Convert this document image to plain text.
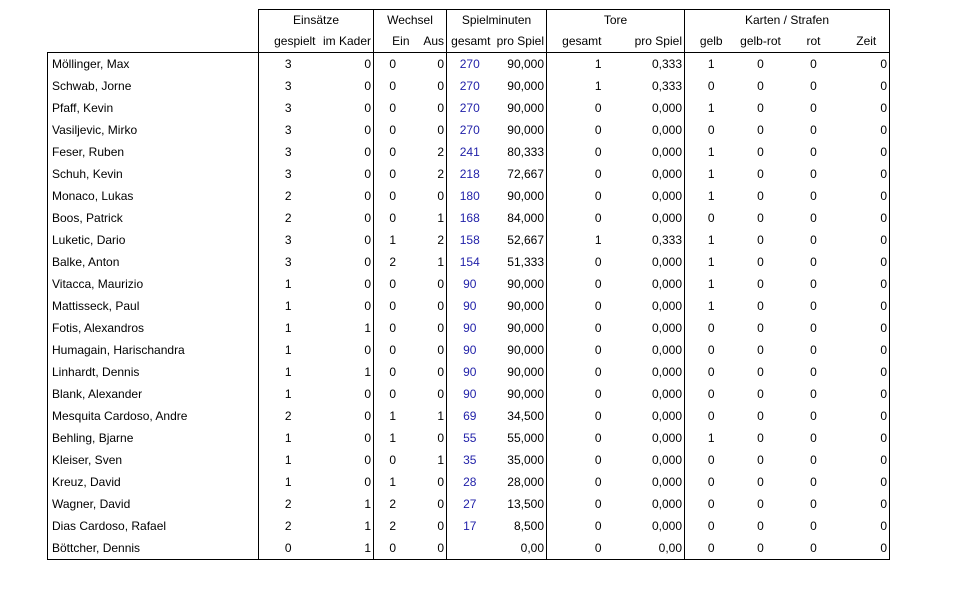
	Einsätze		Wechsel		Spielminuten		Tore		Karten / Strafen			
	gespielt	im Kader	Ein	Aus	gesamt	pro Spiel	gesamt	pro Spiel	gelb	gelb-rot	rot	Zeit
Möllinger, Max	3	0	0	0	270	90,000	1	0,333	1	0	0	0
Schwab, Jorne	3	0	0	0	270	90,000	1	0,333	0	0	0	0
Pfaff, Kevin	3	0	0	0	270	90,000	0	0,000	1	0	0	0
Vasiljevic, Mirko	3	0	0	0	270	90,000	0	0,000	0	0	0	0
Feser, Ruben	3	0	0	2	241	80,333	0	0,000	1	0	0	0
Schuh, Kevin	3	0	0	2	218	72,667	0	0,000	1	0	0	0
Monaco, Lukas	2	0	0	0	180	90,000	0	0,000	1	0	0	0
Boos, Patrick	2	0	0	1	168	84,000	0	0,000	0	0	0	0
Luketic, Dario	3	0	1	2	158	52,667	1	0,333	1	0	0	0
Balke, Anton	3	0	2	1	154	51,333	0	0,000	1	0	0	0
Vitacca, Maurizio	1	0	0	0	90	90,000	0	0,000	1	0	0	0
Mattisseck, Paul	1	0	0	0	90	90,000	0	0,000	1	0	0	0
Fotis, Alexandros	1	1	0	0	90	90,000	0	0,000	0	0	0	0
Humagain, Harischandra	1	0	0	0	90	90,000	0	0,000	0	0	0	0
Linhardt, Dennis	1	1	0	0	90	90,000	0	0,000	0	0	0	0
Blank, Alexander	1	0	0	0	90	90,000	0	0,000	0	0	0	0
Mesquita Cardoso, Andre	2	0	1	1	69	34,500	0	0,000	0	0	0	0
Behling, Bjarne	1	0	1	0	55	55,000	0	0,000	1	0	0	0
Kleiser, Sven	1	0	0	1	35	35,000	0	0,000	0	0	0	0
Kreuz, David	1	0	1	0	28	28,000	0	0,000	0	0	0	0
Wagner, David	2	1	2	0	27	13,500	0	0,000	0	0	0	0
Dias Cardoso, Rafael	2	1	2	0	17	8,500	0	0,000	0	0	0	0
Böttcher, Dennis	0	1	0	0		0,00	0	0,00	0	0	0	0
